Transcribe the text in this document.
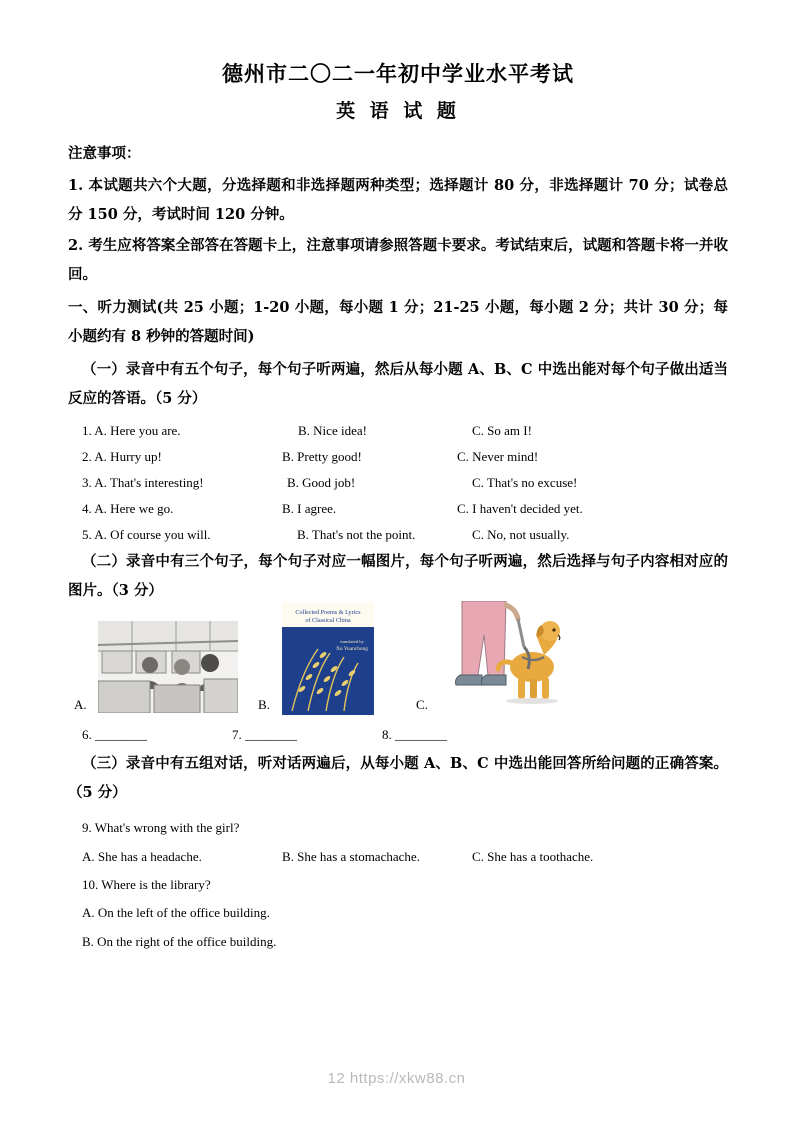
德州市二〇二一年初中学业水平考试
英 语 试 题
注意事项：
1. 本试题共六个大题，分选择题和非选择题两种类型；选择题计 80 分，非选择题计 70 分；试卷总分 150 分，考试时间 120 分钟。
2. 考生应将答案全部答在答题卡上，注意事项请参照答题卡要求。考试结束后，试题和答题卡将一并收回。
一、听力测试(共 25 小题；1-20 小题，每小题 1 分；21-25 小题，每小题 2 分；共计 30 分；每小题约有 8 秒钟的答题时间)
（一）录音中有五个句子，每个句子听两遍，然后从每小题 A、B、C 中选出能对每个句子做出适当反应的答语。（5 分）
1. A. Here you are.	B. Nice idea!	C. So am I!
2. A. Hurry up!	B. Pretty good!	C. Never mind!
3. A. That's interesting!	B. Good job!	C. That's no excuse!
4. A. Here we go.	B. I agree.	C. I haven't decided yet.
5. A. Of course you will.	B. That's not the point.	C. No, not usually.
（二）录音中有三个句子，每个句子对应一幅图片，每个句子听两遍，然后选择与句子内容相对应的图片。（3 分）
A.	B.
Collected Poems & Lyrics
of Classical China
translated by
Xu Yuanchong
C.
6. ________	7. ________	8. ________
（三）录音中有五组对话，听对话两遍后，从每小题 A、B、C 中选出能回答所给问题的正确答案。（5 分）
9. What's wrong with the girl?
A. She has a headache.	B. She has a stomachache.	C. She has a toothache.
10. Where is the library?
A. On the left of the office building.
B. On the right of the office building.
12 https://xkw88.cn
